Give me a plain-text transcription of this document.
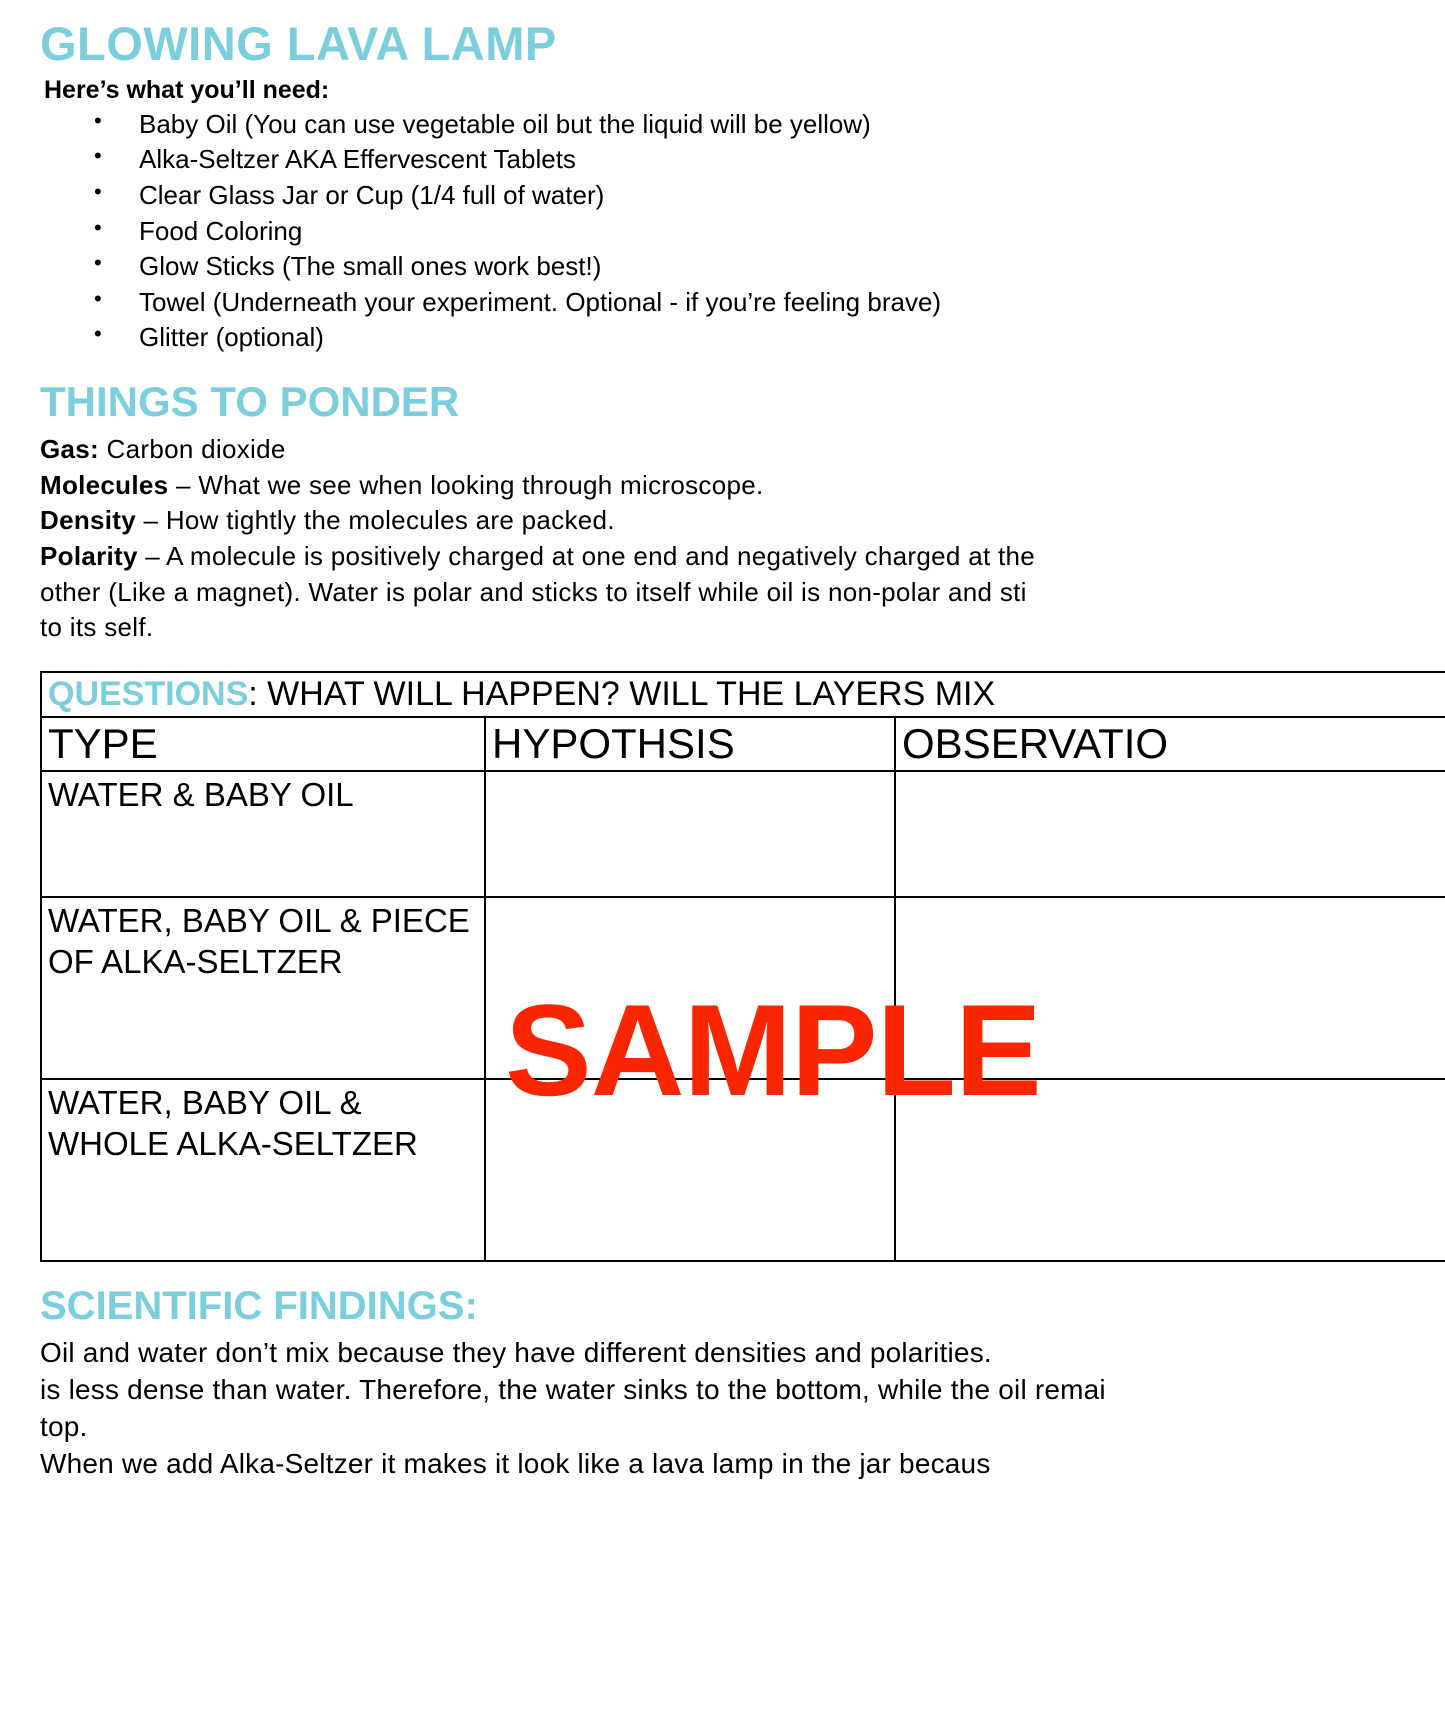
GLOWING LAVA LAMP
Here’s what you’ll need:
• Baby Oil (You can use vegetable oil but the liquid will be yellow)
• Alka-Seltzer AKA Effervescent Tablets
• Clear Glass Jar or Cup (1/4 full of water)
• Food Coloring
• Glow Sticks (The small ones work best!)
• Towel (Underneath your experiment. Optional - if you’re feeling brave)
• Glitter (optional)
THINGS TO PONDER

Gas: Carbon dioxide

Molecules – What we see when looking through microscope.

Density – How tightly the molecules are packed.

Polarity – A molecule is positively charged at one end and negatively charged at the

other (Like a magnet). Water is polar and sticks to itself while oil is non-polar and sti

to its self.

QUESTIONS: WHAT WILL HAPPEN? WILL THE LAYERS MIX		
TYPE	HYPOTHSIS	OBSERVATIO
WATER & BABY OIL		
WATER, BABY OIL & PIECE OF ALKA-SELTZER		
WATER, BABY OIL & WHOLE ALKA-SELTZER		
SCIENTIFIC FINDINGS:

Oil and water don’t mix because they have different densities and polarities.

is less dense than water. Therefore, the water sinks to the bottom, while the oil remai

top.

When we add Alka-Seltzer it makes it look like a lava lamp in the jar becaus

SAMPLE
